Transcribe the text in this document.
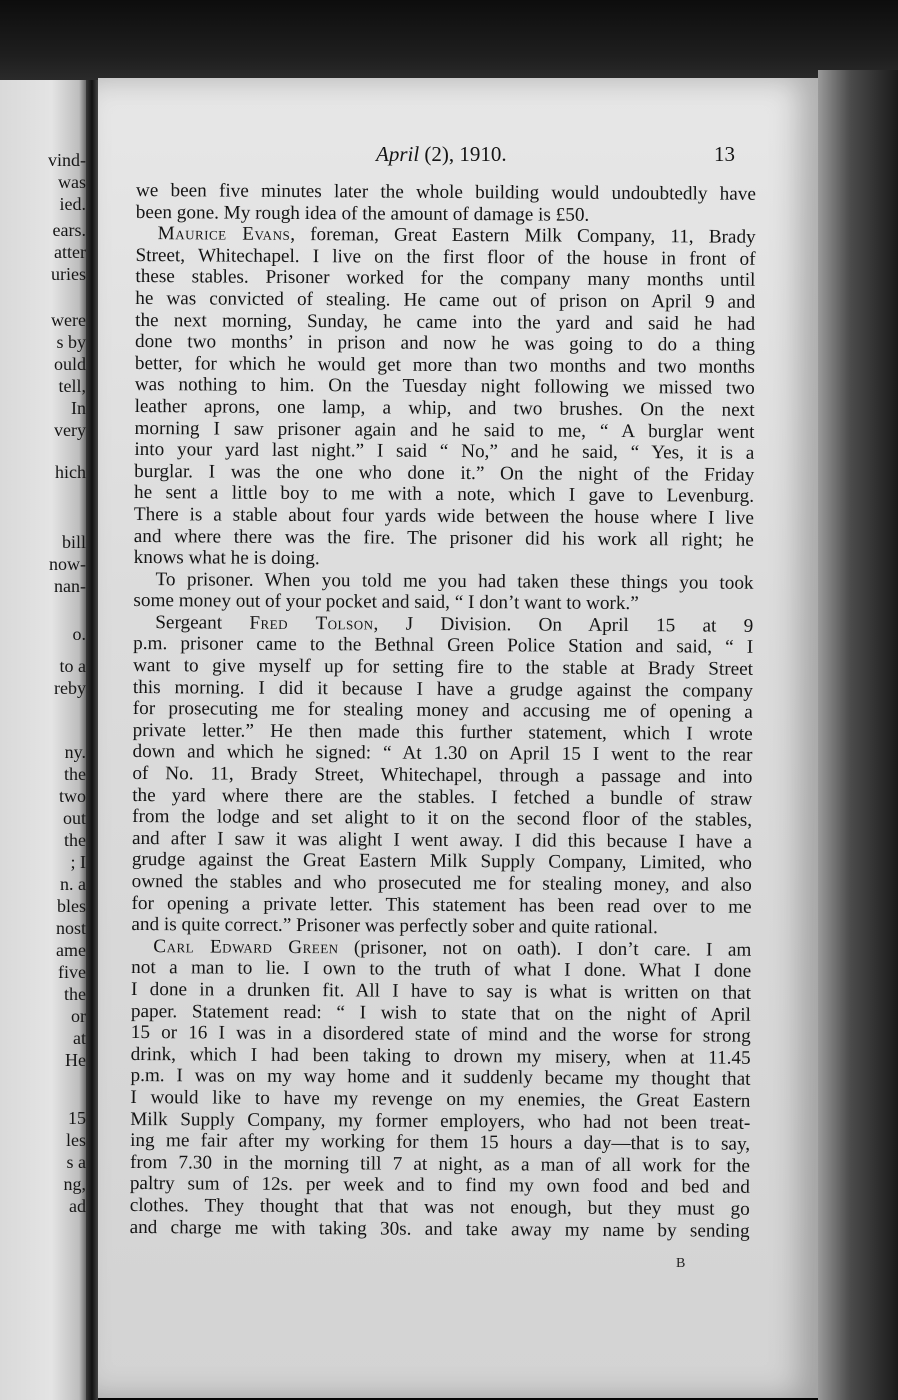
vind-
was
ied.
ears.
atter
uries
were
s by
ould
tell,
In
very
hich
bill
now-
nan-
o.
to a
reby
ny.
the
two
out
the
; I
n. a
bles
nost
ame
five
the
or
at
He
15
les
s a
ng,
ad
April (2), 1910.	13
we been five minutes later the whole building would undoubtedly have
been gone. My rough idea of the amount of damage is £50.
Maurice Evans, foreman, Great Eastern Milk Company, 11, Brady
Street, Whitechapel. I live on the first floor of the house in front of
these stables. Prisoner worked for the company many months until
he was convicted of stealing. He came out of prison on April 9 and
the next morning, Sunday, he came into the yard and said he had
done two months’ in prison and now he was going to do a thing
better, for which he would get more than two months and two months
was nothing to him. On the Tuesday night following we missed two
leather aprons, one lamp, a whip, and two brushes. On the next
morning I saw prisoner again and he said to me, “ A burglar went
into your yard last night.” I said “ No,” and he said, “ Yes, it is a
burglar. I was the one who done it.” On the night of the Friday
he sent a little boy to me with a note, which I gave to Levenburg.
There is a stable about four yards wide between the house where I live
and where there was the fire. The prisoner did his work all right; he
knows what he is doing.
To prisoner. When you told me you had taken these things you took
some money out of your pocket and said, “ I don’t want to work.”
Sergeant Fred Tolson, J Division. On April 15 at 9
p.m. prisoner came to the Bethnal Green Police Station and said, “ I
want to give myself up for setting fire to the stable at Brady Street
this morning. I did it because I have a grudge against the company
for prosecuting me for stealing money and accusing me of opening a
private letter.” He then made this further statement, which I wrote
down and which he signed: “ At 1.30 on April 15 I went to the rear
of No. 11, Brady Street, Whitechapel, through a passage and into
the yard where there are the stables. I fetched a bundle of straw
from the lodge and set alight to it on the second floor of the stables,
and after I saw it was alight I went away. I did this because I have a
grudge against the Great Eastern Milk Supply Company, Limited, who
owned the stables and who prosecuted me for stealing money, and also
for opening a private letter. This statement has been read over to me
and is quite correct.” Prisoner was perfectly sober and quite rational.
Carl Edward Green (prisoner, not on oath). I don’t care. I am
not a man to lie. I own to the truth of what I done. What I done
I done in a drunken fit. All I have to say is what is written on that
paper. Statement read: “ I wish to state that on the night of April
15 or 16 I was in a disordered state of mind and the worse for strong
drink, which I had been taking to drown my misery, when at 11.45
p.m. I was on my way home and it suddenly became my thought that
I would like to have my revenge on my enemies, the Great Eastern
Milk Supply Company, my former employers, who had not been treat-
ing me fair after my working for them 15 hours a day—that is to say,
from 7.30 in the morning till 7 at night, as a man of all work for the
paltry sum of 12s. per week and to find my own food and bed and
clothes. They thought that that was not enough, but they must go
and charge me with taking 30s. and take away my name by sending
B
